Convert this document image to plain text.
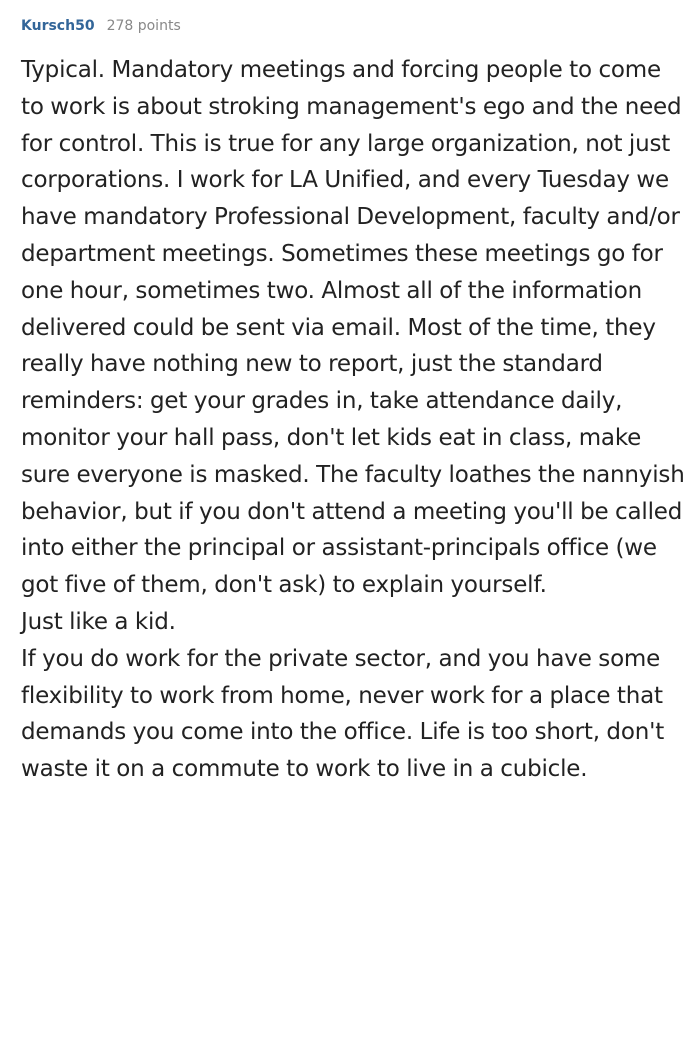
Kursch50 278 points

Typical. Mandatory meetings and forcing people to come to work is about stroking management's ego and the need for control. This is true for any large organization, not just corporations. I work for LA Unified, and every Tuesday we have mandatory Professional Development, faculty and/or department meetings. Sometimes these meetings go for one hour, sometimes two. Almost all of the information delivered could be sent via email. Most of the time, they really have nothing new to report, just the standard reminders: get your grades in, take attendance daily, monitor your hall pass, don't let kids eat in class, make sure everyone is masked. The faculty loathes the nannyish behavior, but if you don't attend a meeting you'll be called into either the principal or assistant-principals office (we got five of them, don't ask) to explain yourself.

Just like a kid.

If you do work for the private sector, and you have some flexibility to work from home, never work for a place that demands you come into the office. Life is too short, don't waste it on a commute to work to live in a cubicle.
